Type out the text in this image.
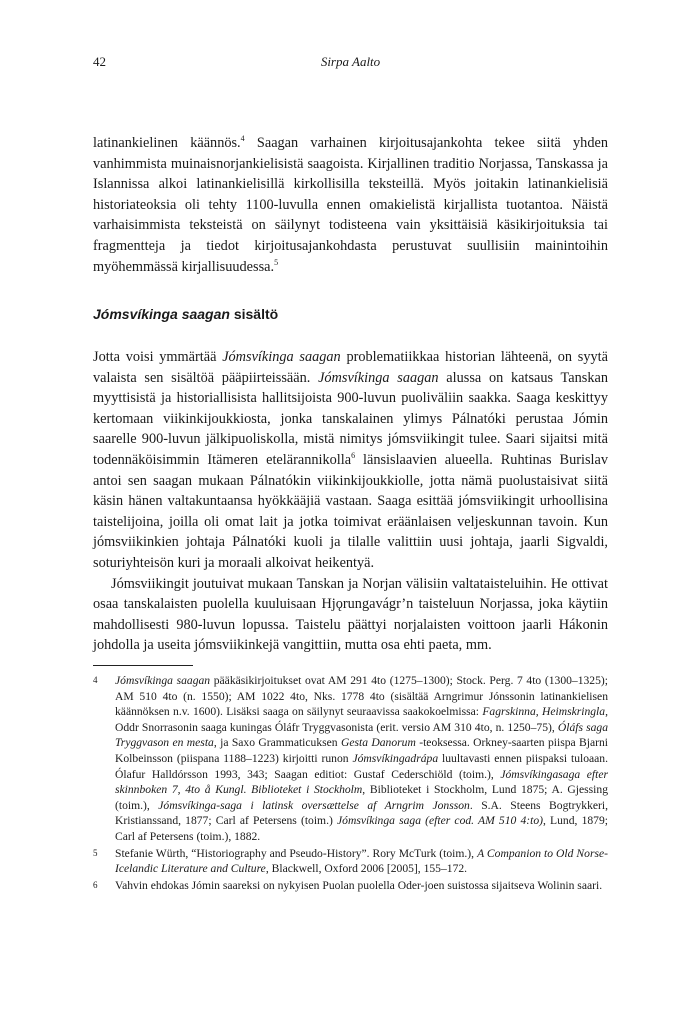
42	Sirpa Aalto

latinankielinen käännös.$^4$ Saagan varhainen kirjoitusajankohta tekee siitä yhden vanhimmista muinaisnorjankielisistä saagoista. Kirjallinen traditio Norjassa, Tanskassa ja Islannissa alkoi latinankielisillä kirkollisilla teksteillä. Myös joitakin latinankielisiä historiateoksia oli tehty 1100-luvulla ennen omakielistä kirjallista tuotantoa. Näistä varhaisimmista teksteistä on säilynyt todisteena vain yksittäisiä käsikirjoituksia tai fragmentteja ja tiedot kirjoitusajankohdasta perustuvat suullisiin mainintoihin myöhemmässä kirjallisuudessa.$^5$

Jómsvíkinga saagan sisältö

Jotta voisi ymmärtää Jómsvíkinga saagan problematiikkaa historian lähteenä, on syytä valaista sen sisältöä pääpiirteissään. Jómsvíkinga saagan alussa on katsaus Tanskan myyttisistä ja historiallisista hallitsijoista 900-luvun puoliväliin saakka. Saaga keskittyy kertomaan viikinkijoukkiosta, jonka tanskalainen ylimys Pálnatóki perustaa Jómin saarelle 900-luvun jälkipuoliskolla, mistä nimitys jómsviikingit tulee. Saari sijaitsi mitä todennäköisimmin Itämeren etelärannikolla$^6$ länsislaavien alueella. Ruhtinas Burislav antoi sen saagan mukaan Pálnatókin viikinkijoukkiolle, jotta nämä puolustaisivat siitä käsin hänen valtakuntaansa hyökkääjiä vastaan. Saaga esittää jómsviikingit urhoollisina taistelijoina, joilla oli omat lait ja jotka toimivat eräänlaisen veljeskunnan tavoin. Kun jómsviikinkien johtaja Pálnatóki kuoli ja tilalle valittiin uusi johtaja, jaarli Sigvaldi, soturiyhteisön kuri ja moraali alkoivat heikentyä.

Jómsviikingit joutuivat mukaan Tanskan ja Norjan välisiin valtataisteluihin. He ottivat osaa tanskalaisten puolella kuuluisaan Hjǫrungavágr’n taisteluun Norjassa, joka käytiin mahdollisesti 980-luvun lopussa. Taistelu päättyi norjalaisten voittoon jaarli Hákonin johdolla ja useita jómsviikinkejä vangittiin, mutta osa ehti paeta, mm.

4	Jómsvíkinga saagan pääkäsikirjoitukset ovat AM 291 4to (1275–1300); Stock. Perg. 7 4to (1300–1325); AM 510 4to (n. 1550); AM 1022 4to, Nks. 1778 4to (sisältää Arngrimur Jónssonin latinankielisen käännöksen n.v. 1600). Lisäksi saaga on säilynyt seuraavissa saakokoelmissa: Fagrskinna, Heimskringla, Oddr Snorrasonin saaga kuningas Óláfr Tryggvasonista (erit. versio AM 310 4to, n. 1250–75), Óláfs saga Tryggvason en mesta, ja Saxo Grammaticuksen Gesta Danorum -teoksessa. Orkney-saarten piispa Bjarni Kolbeinsson (piispana 1188–1223) kirjoitti runon Jómsvíkingadrápa luultavasti ennen piispaksi tuloaan. Ólafur Halldórsson 1993, 343; Saagan editiot: Gustaf Cederschiöld (toim.), Jómsvíkingasaga efter skinnboken 7, 4to å Kungl. Biblioteket i Stockholm, Biblioteket i Stockholm, Lund 1875; A. Gjessing (toim.), Jómsvíkinga-saga i latinsk oversættelse af Arngrim Jonsson. S.A. Steens Bogtrykkeri, Kristianssand, 1877; Carl af Petersens (toim.) Jómsvíkinga saga (efter cod. AM 510 4:to), Lund, 1879; Carl af Petersens (toim.), 1882.
5	Stefanie Würth, “Historiography and Pseudo-History”. Rory McTurk (toim.), A Companion to Old Norse-Icelandic Literature and Culture, Blackwell, Oxford 2006 [2005], 155–172.
6	Vahvin ehdokas Jómin saareksi on nykyisen Puolan puolella Oder-joen suistossa sijaitseva Wolinin saari.
